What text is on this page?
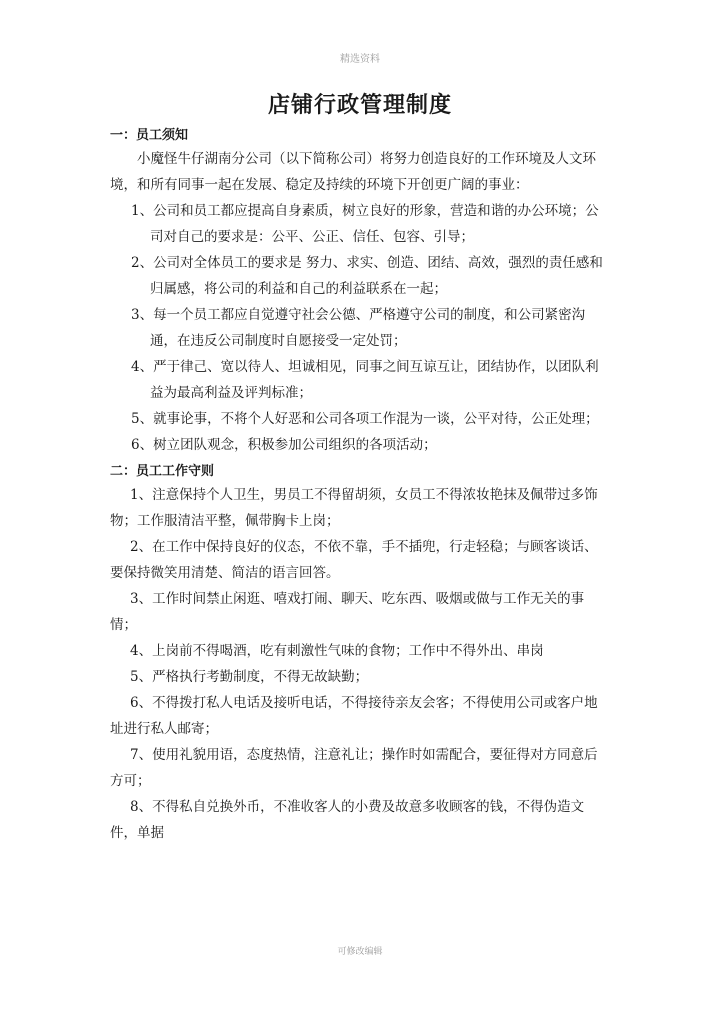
精选资料
店铺行政管理制度

一：员工须知

小魔怪牛仔湖南分公司（以下简称公司）将努力创造良好的工作环境及人文环境，和所有同事一起在发展、稳定及持续的环境下开创更广阔的事业：

1、公司和员工都应提高自身素质，树立良好的形象，营造和谐的办公环境；公司对自己的要求是：公平、公正、信任、包容、引导；
2、公司对全体员工的要求是 努力、求实、创造、团结、高效，强烈的责任感和归属感，将公司的利益和自己的利益联系在一起；
3、每一个员工都应自觉遵守社会公德、严格遵守公司的制度，和公司紧密沟通，在违反公司制度时自愿接受一定处罚；
4、严于律己、宽以待人、坦诚相见，同事之间互谅互让，团结协作，以团队利益为最高利益及评判标准；
5、就事论事，不将个人好恶和公司各项工作混为一谈，公平对待，公正处理；
6、树立团队观念，积极参加公司组织的各项活动；

二：员工工作守则

1、注意保持个人卫生，男员工不得留胡须，女员工不得浓妆艳抹及佩带过多饰物；工作服清洁平整，佩带胸卡上岗；

2、在工作中保持良好的仪态，不依不靠，手不插兜，行走轻稳；与顾客谈话、要保持微笑用清楚、简洁的语言回答。

3、工作时间禁止闲逛、嘻戏打闹、聊天、吃东西、吸烟或做与工作无关的事情；

4、上岗前不得喝酒，吃有刺激性气味的食物；工作中不得外出、串岗

5、严格执行考勤制度，不得无故缺勤；

6、不得拨打私人电话及接听电话，不得接待亲友会客；不得使用公司或客户地址进行私人邮寄；

7、使用礼貌用语，态度热情，注意礼让；操作时如需配合，要征得对方同意后方可；

8、不得私自兑换外币，不准收客人的小费及故意多收顾客的钱，不得伪造文件，单据

可修改编辑
